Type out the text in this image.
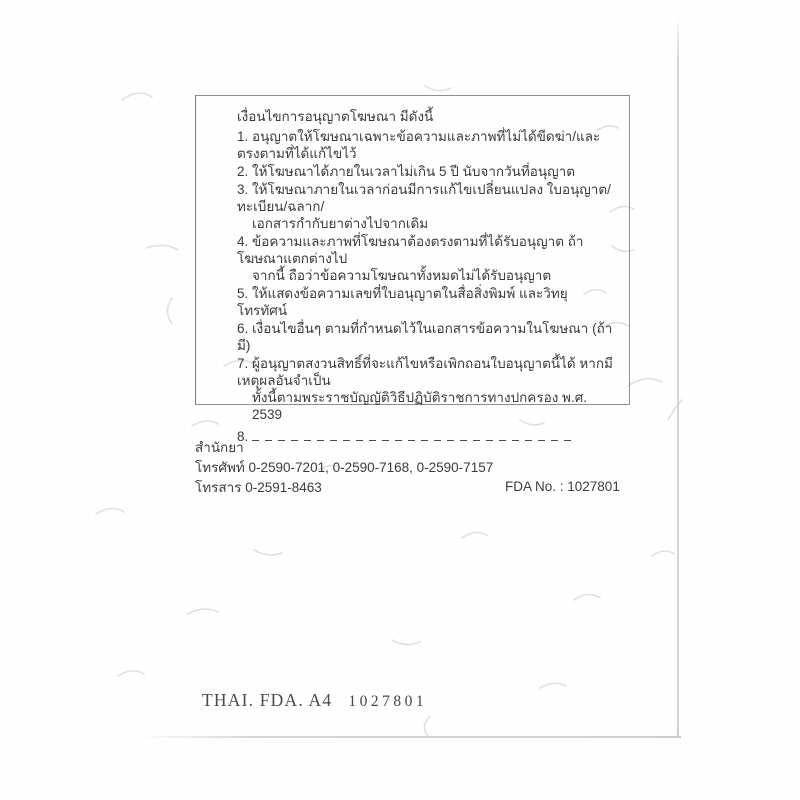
เงื่อนไขการอนุญาตโฆษณา มีดังนี้
1. อนุญาตให้โฆษณาเฉพาะข้อความและภาพที่ไม่ได้ขีดฆ่า/และตรงตามที่ได้แก้ไขไว้
2. ให้โฆษณาได้ภายในเวลาไม่เกิน 5 ปี นับจากวันที่อนุญาต
3. ให้โฆษณาภายในเวลาก่อนมีการแก้ไขเปลี่ยนแปลง ใบอนุญาต/ทะเบียน/ฉลาก/
เอกสารกำกับยาต่างไปจากเดิม
4. ข้อความและภาพที่โฆษณาต้องตรงตามที่ได้รับอนุญาต ถ้าโฆษณาแตกต่างไป
จากนี้ ถือว่าข้อความโฆษณาทั้งหมดไม่ได้รับอนุญาต
5. ให้แสดงข้อความเลขที่ใบอนุญาตในสื่อสิ่งพิมพ์ และวิทยุโทรทัศน์
6. เงื่อนไขอื่นๆ ตามที่กำหนดไว้ในเอกสารข้อความในโฆษณา (ถ้ามี)
7. ผู้อนุญาตสงวนสิทธิ์ที่จะแก้ไขหรือเพิกถอนใบอนุญาตนี้ได้ หากมีเหตุผลอันจำเป็น
ทั้งนี้ตามพระราชบัญญัติวิธีปฏิบัติราชการทางปกครอง พ.ศ. 2539
8.
สำนักยา
โทรศัพท์ 0-2590-7201, 0-2590-7168, 0-2590-7157
โทรสาร 0-2591-8463	FDA No. : 1027801
THAI. FDA. A4 1027801
